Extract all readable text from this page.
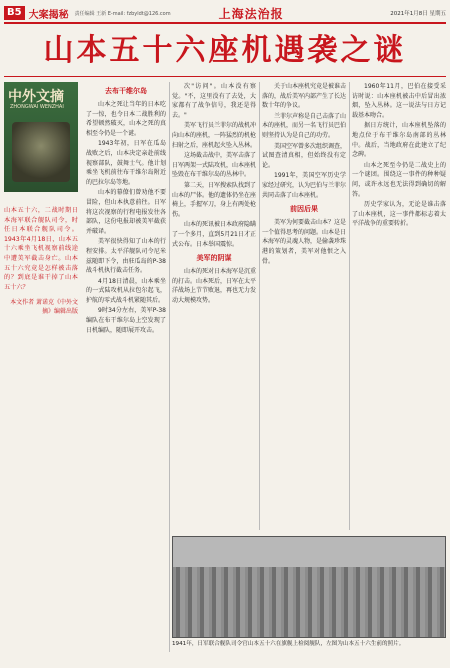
B5 大案揭秘 责任编辑 王新 E-mail: fzbyldt@126.com	上海法治报	2021年1月8日 星期五
山本五十六座机遇袭之谜
中外文摘
ZHONGWAI WENZHAI
山本五十六，二战时期日本海军联合舰队司令，时任日本联合舰队司令。1943年4月18日，山本五十六乘坐飞机视察前线途中遭美军截击身亡。山本五十六究竟是怎样被击落的？到底是谁干掉了山本五十六？
本文作者 萧诺克《中外文摘》编辑出版
去布干维尔岛

山本之死让当年的日本吃了一惊，也令日本二战胜利的希望顿然破灭，山本之死的真相至今仍是一个谜。

1943年初，日军在瓜岛战败之后，山本决定亲赴前线视察部队，鼓舞士气。他计划乘坐飞机前往布干维尔岛附近的巴拉尔岛等地。

山本的幕僚们曾劝他不要冒险，但山本执意前往。日军将这次视察的行程电报发往各部队，这份电报却被美军截获并破译。

美军很快得知了山本的行程安排。太平洋舰队司令尼米兹随即下令，由驻瓜岛的P-38战斗机执行截击任务。

4月18日清晨，山本乘坐的一式陆攻机从拉包尔起飞，护航的零式战斗机紧随其后。

9时34分左右，美军P-38编队在布干维尔岛上空发现了日机编队，随即展开攻击。

次"访问"。山本没有察觉。"不，这里没有了去处，大家都有了战争信号，我还是得去。"

美军飞行员兰菲尔的战机冲向山本的座机，一阵猛烈的机枪扫射之后，座机起火坠入丛林。

这场截击战中，美军击落了日军两架一式陆攻机，山本座机坠毁在布干维尔岛的丛林中。

第二天，日军搜索队找到了山本的尸体。他的遗体仍坐在座椅上，手握军刀，身上有两处枪伤。

山本的死讯被日本政府隐瞒了一个多月，直到5月21日才正式公布。日本举国震惊。

美军的阴谋

山本的死对日本海军是沉重的打击。山本死后，日军在太平洋战场上节节败退，再也无力发动大规模攻势。

关于山本座机究竟是被谁击落的，战后美军内部产生了长达数十年的争议。

兰菲尔声称是自己击落了山本的座机，而另一名飞行员巴伯则坚持认为是自己的功劳。

美国空军曾多次组织调查，试图查清真相，但始终没有定论。

1991年，美国空军历史学家经过研究，认为巴伯与兰菲尔共同击落了山本座机。

前因后果

美军为何要截击山本？这是一个值得思考的问题。山本是日本海军的灵魂人物，是偷袭珍珠港的策划者，美军对他恨之入骨。

1960年11月，巴伯在接受采访时说：山本座机被击中后冒出浓烟，坠入丛林。这一说法与日方记载基本吻合。

据日方统计，山本座机坠落的地点位于布干维尔岛南部的丛林中。战后，当地政府在此建立了纪念碑。

山本之死至今仍是二战史上的一个谜团。围绕这一事件的种种疑问，或许永远也无法得到确切的解答。

历史学家认为，无论是谁击落了山本座机，这一事件都标志着太平洋战争的重要转折。

1941年，日军联合舰队司令官山本五十六在旗舰上检阅舰队，左图为山本五十六生前的照片。
